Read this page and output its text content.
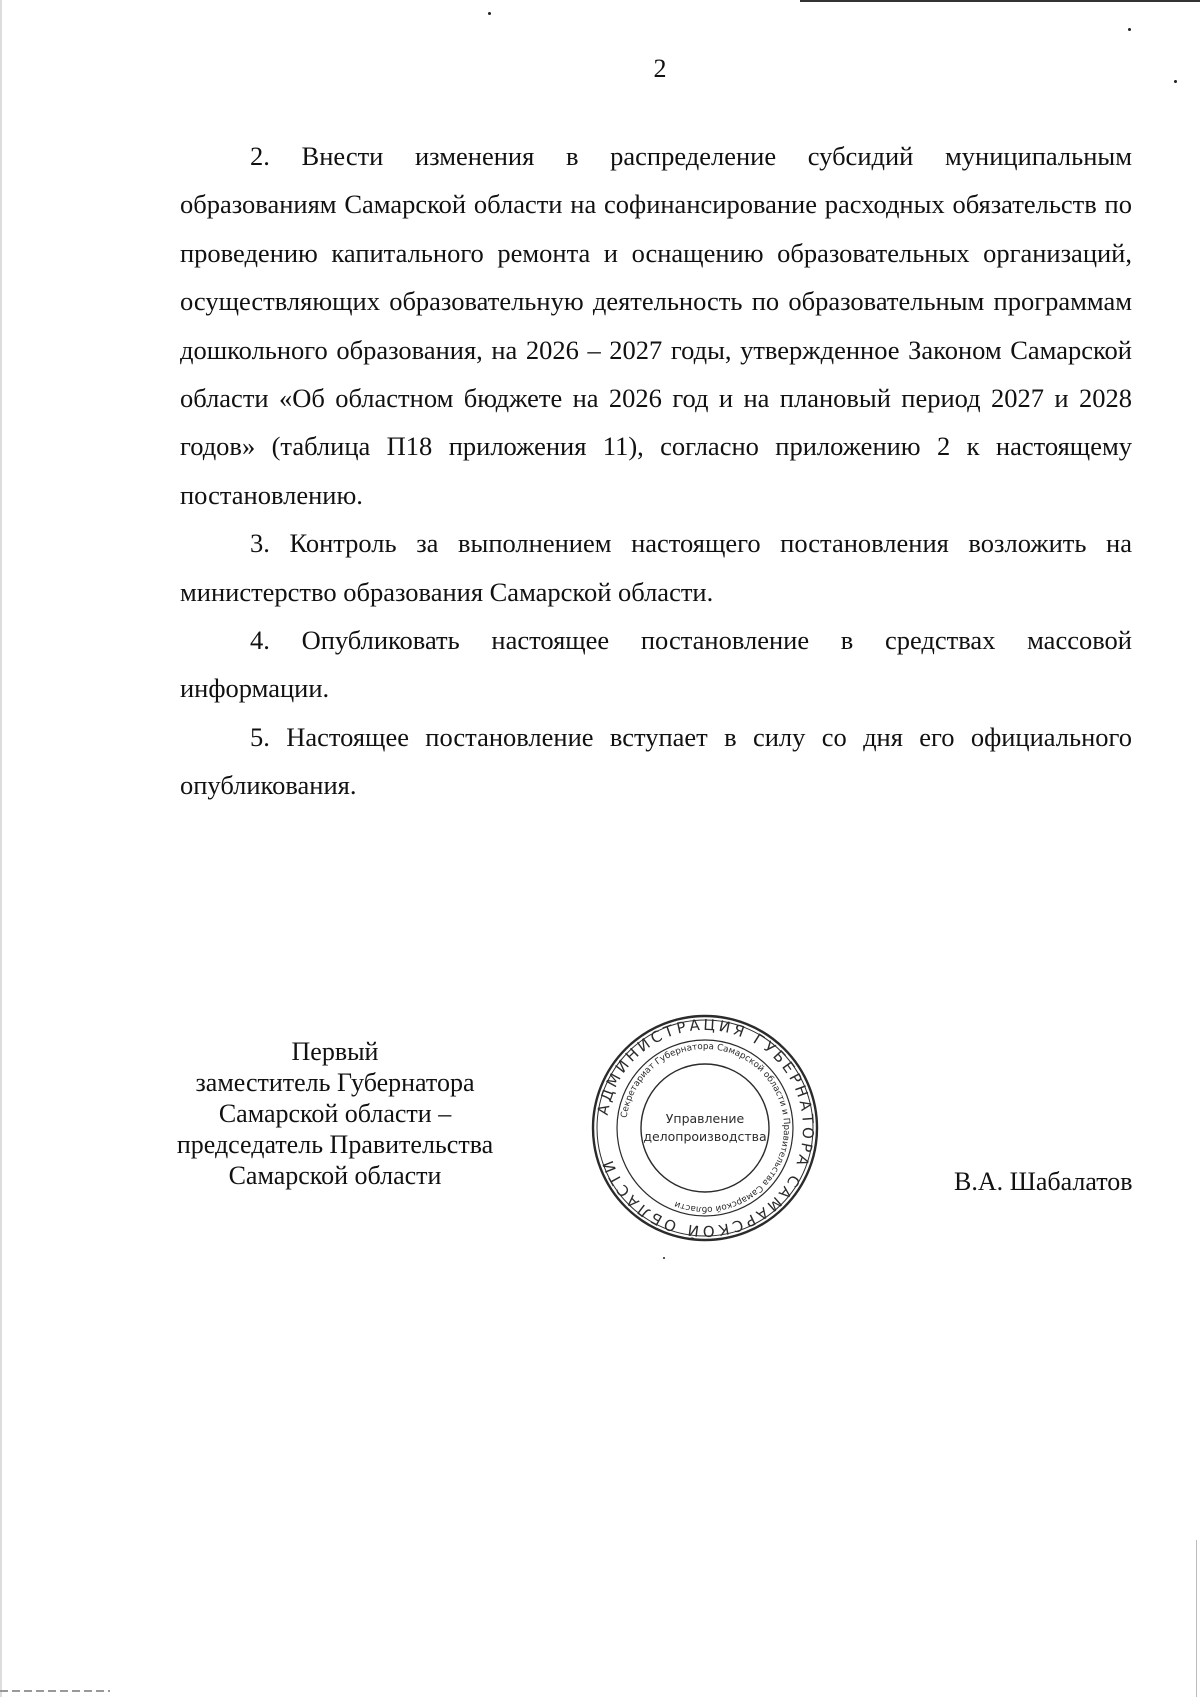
2

2. Внести изменения в распределение субсидий муниципальным образованиям Самарской области на софинансирование расходных обязательств по проведению капитального ремонта и оснащению образовательных организаций, осуществляющих образовательную деятельность по образовательным программам дошкольного образования, на 2026 – 2027 годы, утвержденное Законом Самарской области «Об областном бюджете на 2026 год и на плановый период 2027 и 2028 годов» (таблица П18 приложения 11), согласно приложению 2 к настоящему постановлению.

3. Контроль за выполнением настоящего постановления возложить на министерство образования Самарской области.

4. Опубликовать настоящее постановление в средствах массовой информации.

5. Настоящее постановление вступает в силу со дня его официального опубликования.

Первый
заместитель Губернатора
Самарской области –
председатель Правительства
Самарской области
АДМИНИСТРАЦИЯ ГУБЕРНАТОРА САМАРСКОЙ ОБЛАСТИ
Секретариат Губернатора Самарской области и Правительства Самарской области
Управление
делопроизводства
В.А. Шабалатов
